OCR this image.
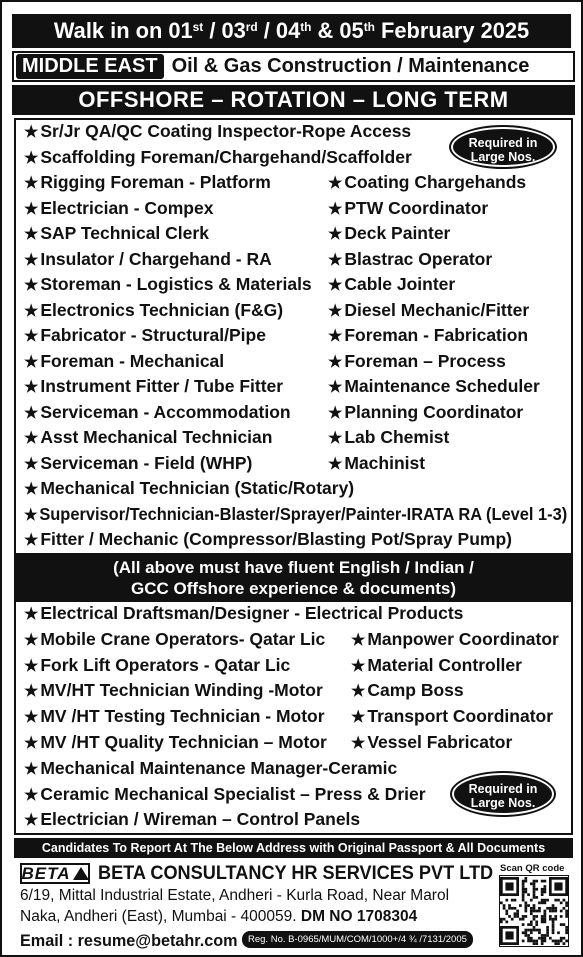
Walk in on 01st / 03rd / 04th & 05th February 2025
MIDDLE EAST Oil & Gas Construction / Maintenance
OFFSHORE – ROTATION – LONG TERM
★ Sr/Jr QA/QC Coating Inspector-Rope Access
★ Scaffolding Foreman/Chargehand/Scaffolder
★ Rigging Foreman - Platform
★ Electrician - Compex
★ SAP Technical Clerk
★ Insulator / Chargehand - RA
★ Storeman - Logistics & Materials
★ Electronics Technician (F&G)
★ Fabricator - Structural/Pipe
★ Foreman - Mechanical
★ Instrument Fitter / Tube Fitter
★ Serviceman - Accommodation
★ Asst Mechanical Technician
★ Serviceman - Field (WHP)
★ Coating Chargehands
★ PTW Coordinator
★ Deck Painter
★ Blastrac Operator
★ Cable Jointer
★ Diesel Mechanic/Fitter
★ Foreman - Fabrication
★ Foreman – Process
★ Maintenance Scheduler
★ Planning Coordinator
★ Lab Chemist
★ Machinist
★ Mechanical Technician (Static/Rotary)
★ Supervisor/Technician-Blaster/Sprayer/Painter-IRATA RA (Level 1-3)
★ Fitter / Mechanic (Compressor/Blasting Pot/Spray Pump)
Required in
Large Nos.
(All above must have fluent English / Indian /
GCC Offshore experience & documents)
★ Electrical Draftsman/Designer - Electrical Products
★ Mobile Crane Operators- Qatar Lic
★ Fork Lift Operators - Qatar Lic
★ MV/HT Technician Winding -Motor
★ MV /HT Testing Technician - Motor
★ MV /HT Quality Technician – Motor
★ Manpower Coordinator
★ Material Controller
★ Camp Boss
★ Transport Coordinator
★ Vessel Fabricator
★ Mechanical Maintenance Manager-Ceramic
★ Ceramic Mechanical Specialist – Press & Drier
★ Electrician / Wireman – Control Panels
Required in
Large Nos.
Candidates To Report At The Below Address with Original Passport & All Documents
BETA BETA CONSULTANCY HR SERVICES PVT LTD
6/19, Mittal Industrial Estate, Andheri - Kurla Road, Near Marol
Naka, Andheri (East), Mumbai - 400059. DM NO 1708304
Email : resume@betahr.com	Reg. No. B-0965/MUM/COM/1000+/4 ¾ /7131/2005
Scan QR code
